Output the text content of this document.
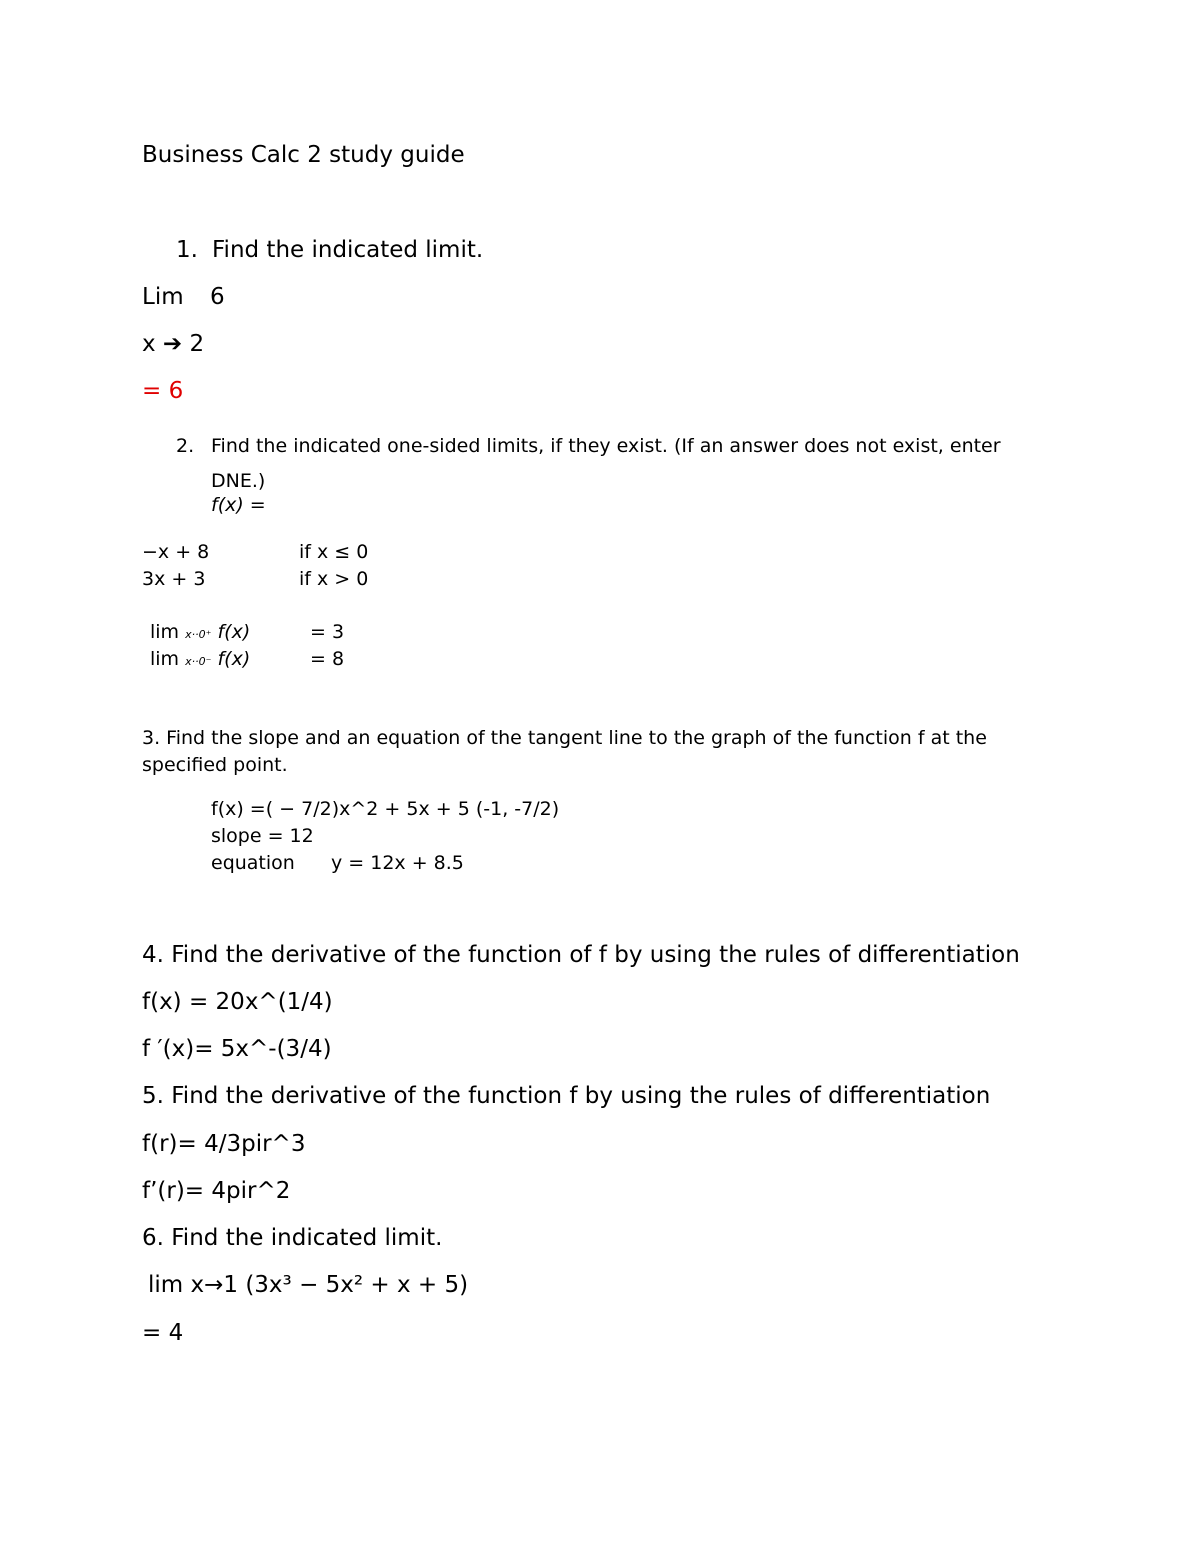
Business Calc 2 study guide
1. Find the indicated limit.
Lim 6
x ➔ 2
= 6
2. Find the indicated one-sided limits, if they exist. (If an answer does not exist, enter
DNE.)
f(x) =
−x + 8	if x ≤ 0
3x + 3	if x > 0
lim x··0⁺ f(x)	= 3
lim x··0⁻ f(x)	= 8
3. Find the slope and an equation of the tangent line to the graph of the function f at the
specified point.
f(x) =( − 7/2)x^2 + 5x + 5 (-1, -7/2)
slope = 12
equation y = 12x + 8.5
4. Find the derivative of the function of f by using the rules of differentiation
f(x) = 20x^(1/4)
f ′(x)= 5x^-(3/4)
5. Find the derivative of the function f by using the rules of differentiation
f(r)= 4/3pir^3
f’(r)= 4pir^2
6. Find the indicated limit.
lim x→1 (3x³ − 5x² + x + 5)
= 4
